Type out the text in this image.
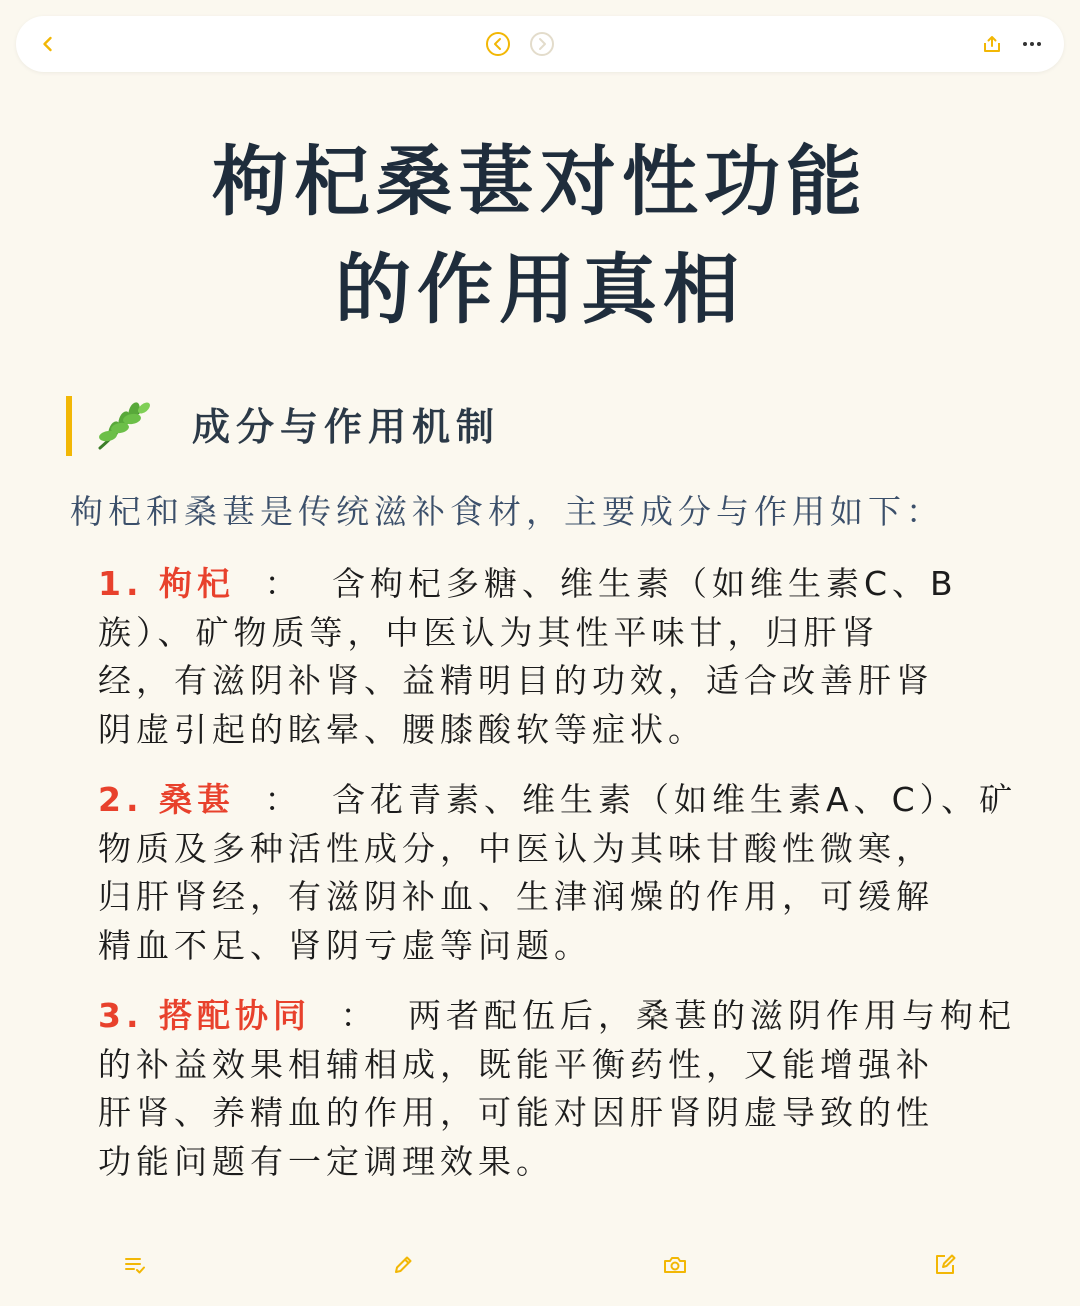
枸杞桑葚对性功能
的作用真相
成分与作用机制
枸杞和桑葚是传统滋补食材，主要成分与作用如下：
1. 枸杞 ： 含枸杞多糖、维生素（如维生素C、B
族）、矿物质等，中医认为其性平味甘，归肝肾
经，有滋阴补肾、益精明目的功效，适合改善肝肾
阴虚引起的眩晕、腰膝酸软等症状。
2. 桑葚 ： 含花青素、维生素（如维生素A、C）、矿
物质及多种活性成分，中医认为其味甘酸性微寒，
归肝肾经，有滋阴补血、生津润燥的作用，可缓解
精血不足、肾阴亏虚等问题。
3. 搭配协同 ： 两者配伍后，桑葚的滋阴作用与枸杞
的补益效果相辅相成，既能平衡药性，又能增强补
肝肾、养精血的作用，可能对因肝肾阴虚导致的性
功能问题有一定调理效果。
